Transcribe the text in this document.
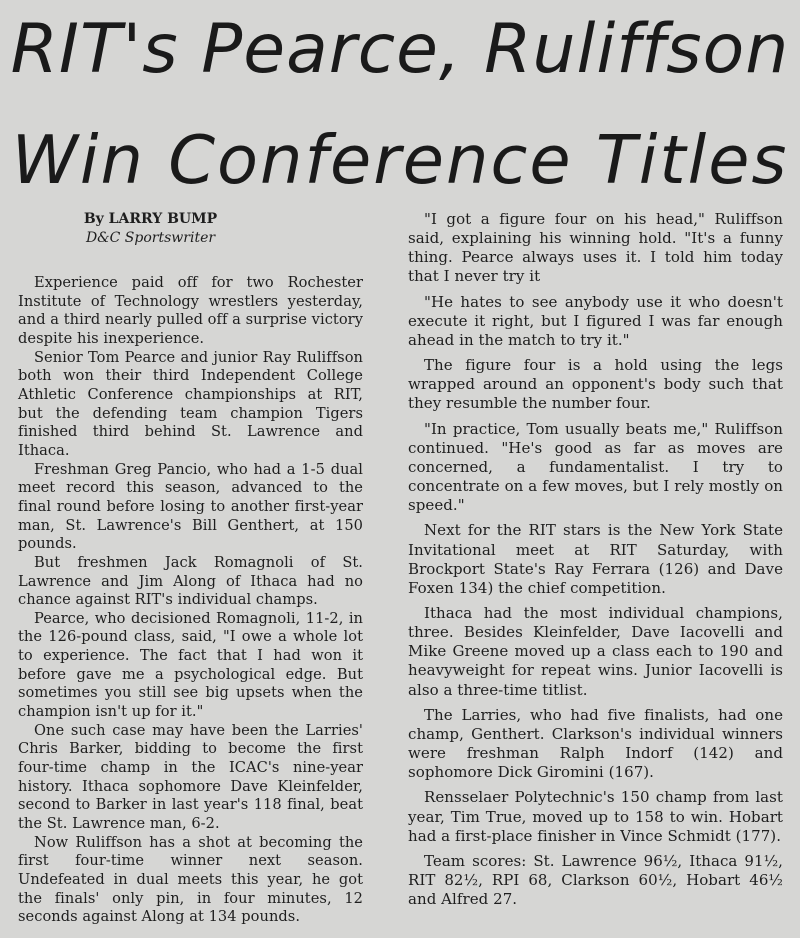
RIT's Pearce, Ruliffson
Win Conference Titles
By LARRY BUMP
D&C Sportswriter

Experience paid off for two Rochester Institute of Technology wrestlers yesterday, and a third nearly pulled off a surprise victory despite his inexperience.

Senior Tom Pearce and junior Ray Ruliffson both won their third Independent College Athletic Conference championships at RIT, but the defending team champion Tigers finished third behind St. Lawrence and Ithaca.

Freshman Greg Pancio, who had a 1-5 dual meet record this season, advanced to the final round before losing to another first-year man, St. Lawrence's Bill Genthert, at 150 pounds.

But freshmen Jack Romagnoli of St. Lawrence and Jim Along of Ithaca had no chance against RIT's individual champs.

Pearce, who decisioned Romagnoli, 11-2, in the 126-pound class, said, "I owe a whole lot to experience. The fact that I had won it before gave me a psychological edge. But sometimes you still see big upsets when the champion isn't up for it."

One such case may have been the Larries' Chris Barker, bidding to become the first four-time champ in the ICAC's nine-year history. Ithaca sophomore Dave Kleinfelder, second to Barker in last year's 118 final, beat the St. Lawrence man, 6-2.

Now Ruliffson has a shot at becoming the first four-time winner next season. Undefeated in dual meets this year, he got the finals' only pin, in four minutes, 12 seconds against Along at 134 pounds.

"I got a figure four on his head," Ruliffson said, explaining his winning hold. "It's a funny thing. Pearce always uses it. I told him today that I never try it

"He hates to see anybody use it who doesn't execute it right, but I figured I was far enough ahead in the match to try it."

The figure four is a hold using the legs wrapped around an opponent's body such that they resumble the number four.

"In practice, Tom usually beats me," Ruliffson continued. "He's good as far as moves are concerned, a fundamentalist. I try to concentrate on a few moves, but I rely mostly on speed."

Next for the RIT stars is the New York State Invitational meet at RIT Saturday, with Brockport State's Ray Ferrara (126) and Dave Foxen 134) the chief competition.

Ithaca had the most individual champions, three. Besides Kleinfelder, Dave Iacovelli and Mike Greene moved up a class each to 190 and heavyweight for repeat wins. Junior Iacovelli is also a three-time titlist.

The Larries, who had five finalists, had one champ, Genthert. Clarkson's individual winners were freshman Ralph Indorf (142) and sophomore Dick Giromini (167).

Rensselaer Polytechnic's 150 champ from last year, Tim True, moved up to 158 to win. Hobart had a first-place finisher in Vince Schmidt (177).

Team scores: St. Lawrence 96½, Ithaca 91½, RIT 82½, RPI 68, Clarkson 60½, Hobart 46½ and Alfred 27.
